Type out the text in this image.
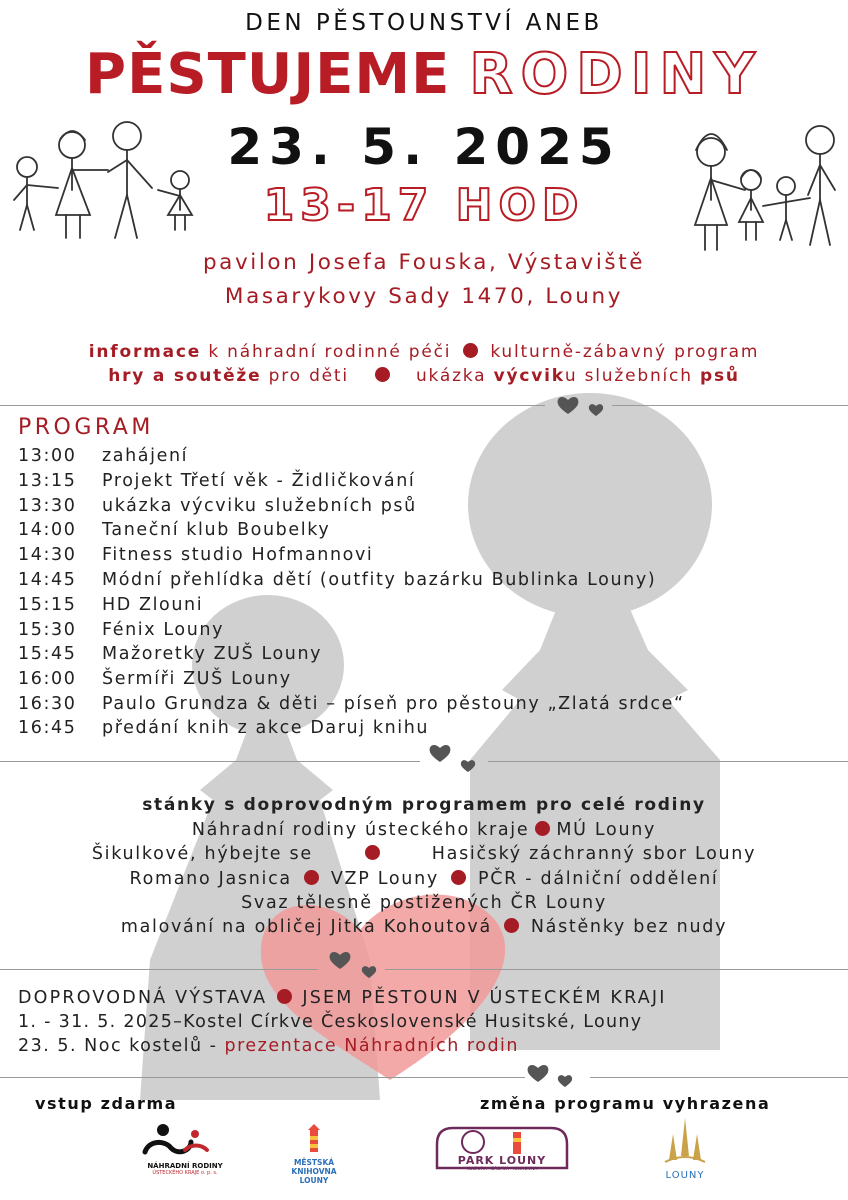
DEN PĚSTOUNSTVÍ ANEB
PĚSTUJEME RODINY
23. 5. 2025
13-17 HOD
pavilon Josefa Fouska, Výstaviště
Masarykovy Sady 1470, Louny
informace k náhradní rodinné péči kulturně-zábavný program
hry a soutěže pro děti	ukázka výcviku služebních psů
PROGRAM
13:00 zahájení
13:15 Projekt Třetí věk - Židličkování
13:30 ukázka výcviku služebních psů
14:00 Taneční klub Boubelky
14:30 Fitness studio Hofmannovi
14:45 Módní přehlídka dětí (outfity bazárku Bublinka Louny)
15:15 HD Zlouni
15:30 Fénix Louny
15:45 Mažoretky ZUŠ Louny
16:00 Šermíři ZUŠ Louny
16:30 Paulo Grundza & děti – píseň pro pěstouny „Zlatá srdce“
16:45 předání knih z akce Daruj knihu
stánky s doprovodným programem pro celé rodiny
Náhradní rodiny ústeckého kraje MÚ Louny
Šikulkové, hýbejte se	Hasičský záchranný sbor Louny
Romano Jasnica VZP Louny PČR - dálniční oddělení
Svaz tělesně postižených ČR Louny
malování na obličej Jitka Kohoutová Nástěnky bez nudy
DOPROVODNÁ VÝSTAVA JSEM PĚSTOUN V ÚSTECKÉM KRAJI
1. - 31. 5. 2025–Kostel Církve Československé Husitské, Louny
23. 5. Noc kostelů - prezentace Náhradních rodin
vstup zdarma	změna programu vyhrazena
NÁHRADNÍ RODINY
ÚSTECKÉHO KRAJE o. p. s.
MĚSTSKÁ
KNIHOVNA
LOUNY
PARK LOUNY
KULTURA · ZÁBAVA · KNIHOVNA
LOUNY
